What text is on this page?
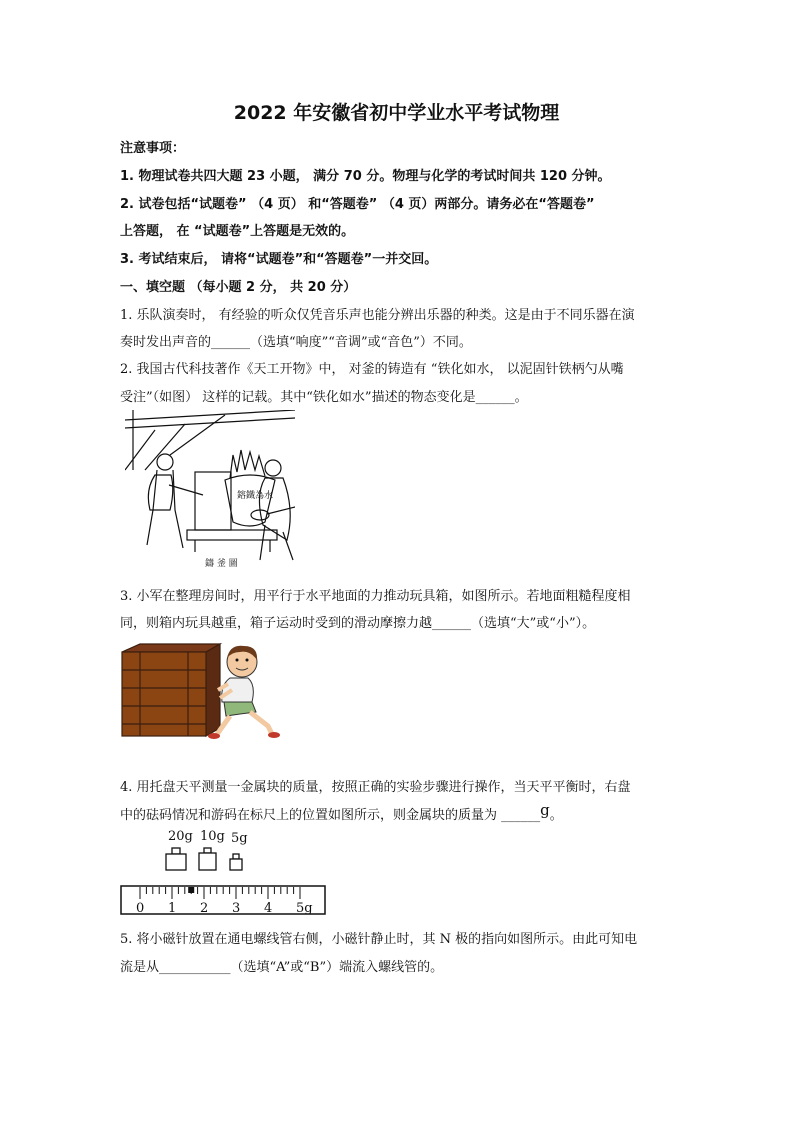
2022 年安徽省初中学业水平考试物理
注意事项：
1. 物理试卷共四大题 23 小题， 满分 70 分。物理与化学的考试时间共 120 分钟。
2. 试卷包括“试题卷” （4 页） 和“答题卷” （4 页）两部分。请务必在“答题卷”
上答题， 在 “试题卷”上答题是无效的。
3. 考试结束后， 请将“试题卷”和“答题卷”一并交回。
一、填空题 （每小题 2 分， 共 20 分）
1. 乐队演奏时， 有经验的听众仅凭音乐声也能分辨出乐器的种类。这是由于不同乐器在演
奏时发出声音的______（选填“响度”“音调”或“音色”）不同。
2. 我国古代科技著作《天工开物》中， 对釜的铸造有 “铁化如水， 以泥固针铁柄勺从嘴
受注”（如图） 这样的记载。其中“铁化如水”描述的物态变化是______。
鎔鐵為水
鑄 釜 圖
3. 小军在整理房间时，用平行于水平地面的力推动玩具箱，如图所示。若地面粗糙程度相
同，则箱内玩具越重，箱子运动时受到的滑动摩擦力越______（选填“大”或“小”）。
4. 用托盘天平测量一金属块的质量，按照正确的实验步骤进行操作，当天平平衡时，右盘
中的砝码情况和游码在标尺上的位置如图所示，则金属块的质量为 ______g。
20g 10g 5g
0 1 2 3 4 5g
5. 将小磁针放置在通电螺线管右侧，小磁针静止时，其 N 极的指向如图所示。由此可知电
流是从___________（选填“A”或“B”）端流入螺线管的。
